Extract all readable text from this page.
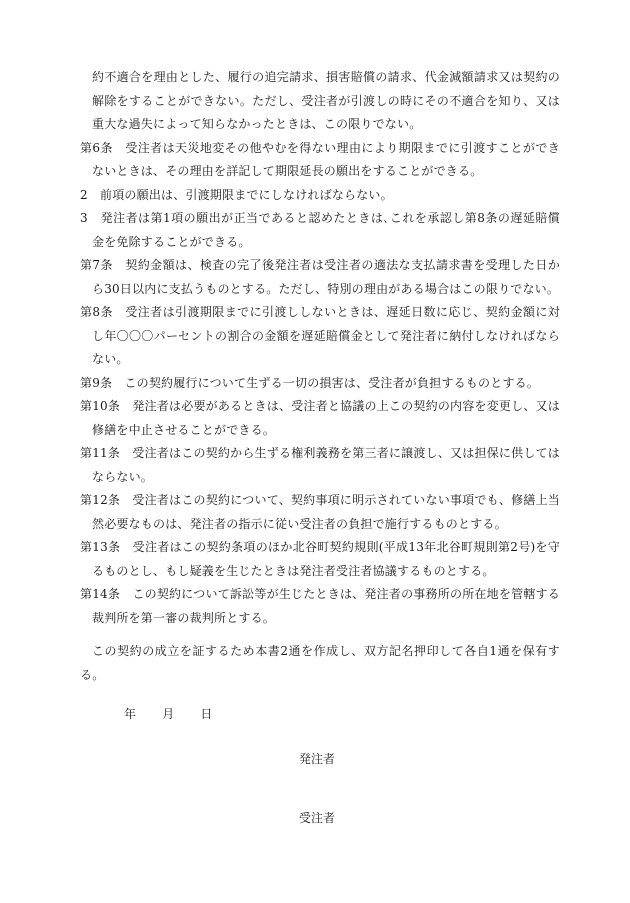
約不適合を理由とした、履行の追完請求、損害賠償の請求、代金減額請求又は契約の解除をすることができない。ただし、受注者が引渡しの時にその不適合を知り、又は重大な過失によって知らなかったときは、この限りでない。
第6条　受注者は天災地変その他やむを得ない理由により期限までに引渡すことができないときは、その理由を詳記して期限延長の願出をすることができる。
2　前項の願出は、引渡期限までにしなければならない。
3　発注者は第1項の願出が正当であると認めたときは､これを承認し第8条の遅延賠償金を免除することができる。
第7条　契約金額は、検査の完了後発注者は受注者の適法な支払請求書を受理した日から30日以内に支払うものとする。ただし、特別の理由がある場合はこの限りでない。
第8条　受注者は引渡期限までに引渡ししないときは、遅延日数に応じ、契約金額に対し年〇〇〇パーセントの割合の金額を遅延賠償金として発注者に納付しなければならない。
第9条　この契約履行について生ずる一切の損害は、受注者が負担するものとする。
第10条　発注者は必要があるときは、受注者と協議の上この契約の内容を変更し、又は修繕を中止させることができる。
第11条　受注者はこの契約から生ずる権利義務を第三者に譲渡し、又は担保に供してはならない。
第12条　受注者はこの契約について、契約事項に明示されていない事項でも、修繕上当然必要なものは、発注者の指示に従い受注者の負担で施行するものとする。
第13条　受注者はこの契約条項のほか北谷町契約規則(平成13年北谷町規則第2号)を守るものとし、もし疑義を生じたときは発注者受注者協議するものとする。
第14条　この契約について訴訟等が生じたときは、発注者の事務所の所在地を管轄する裁判所を第一審の裁判所とする。
この契約の成立を証するため本書2通を作成し、双方記名押印して各自1通を保有する。
年 月 日
発注者
受注者
